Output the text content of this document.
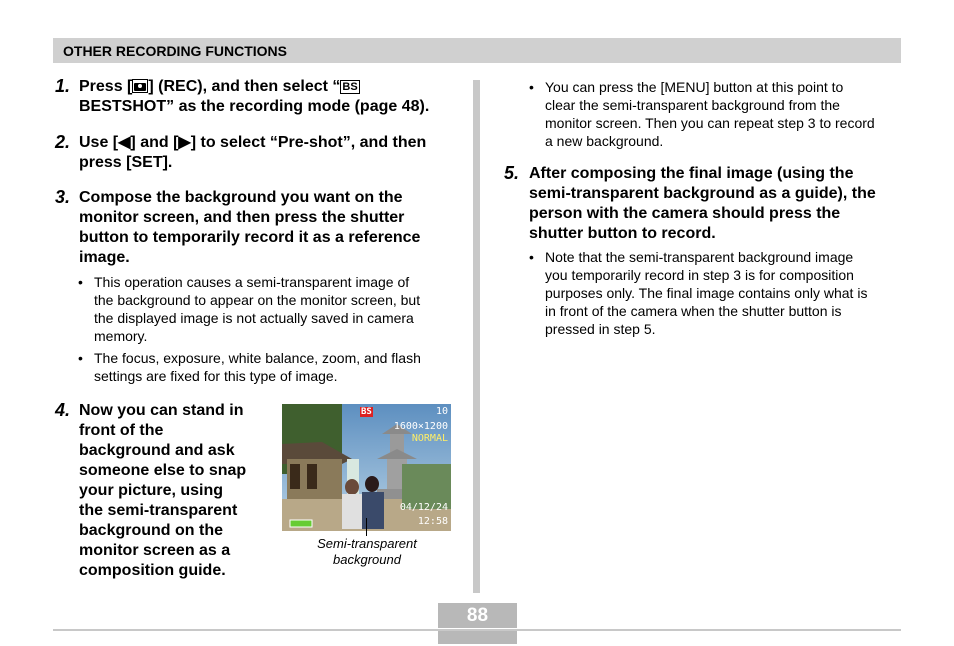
OTHER RECORDING FUNCTIONS
1. Press [ ] (REC), and then select “ BS
BESTSHOT” as the recording mode (page 48).
2. Use [◀] and [▶] to select “Pre-shot”, and then
press [SET].
3. Compose the background you want on the
monitor screen, and then press the shutter
button to temporarily record it as a reference
image.
• This operation causes a semi-transparent image of
the background to appear on the monitor screen, but
the displayed image is not actually saved in camera
memory.
• The focus, exposure, white balance, zoom, and flash
settings are fixed for this type of image.
4. Now you can stand in
front of the
background and ask
someone else to snap
your picture, using
the semi-transparent
background on the
monitor screen as a
composition guide.
BS	10
1600×1200
NORMAL
04/12/24
12:58
Semi-transparent
background
• You can press the [MENU] button at this point to
clear the semi-transparent background from the
monitor screen. Then you can repeat step 3 to record
a new background.
5. After composing the final image (using the
semi-transparent background as a guide), the
person with the camera should press the
shutter button to record.
• Note that the semi-transparent background image
you temporarily record in step 3 is for composition
purposes only. The final image contains only what is
in front of the camera when the shutter button is
pressed in step 5.
88
